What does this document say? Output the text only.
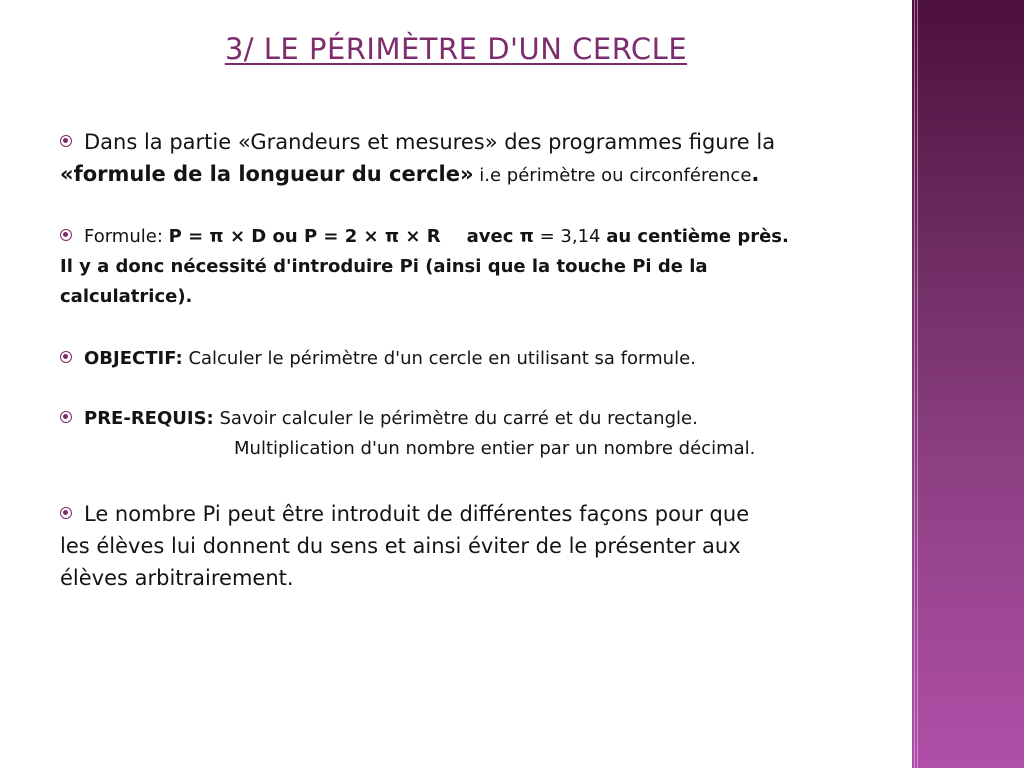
3/ LE PÉRIMÈTRE D'UN CERCLE
Dans la partie «Grandeurs et mesures» des programmes figure la
«formule de la longueur du cercle» i.e périmètre ou circonférence.
Formule: P = π × D ou P = 2 × π × R avec π = 3,14 au centième près.
Il y a donc nécessité d'introduire Pi (ainsi que la touche Pi de la
calculatrice).
OBJECTIF: Calculer le périmètre d'un cercle en utilisant sa formule.
PRE-REQUIS: Savoir calculer le périmètre du carré et du rectangle.
Multiplication d'un nombre entier par un nombre décimal.
Le nombre Pi peut être introduit de différentes façons pour que
les élèves lui donnent du sens et ainsi éviter de le présenter aux
élèves arbitrairement.
